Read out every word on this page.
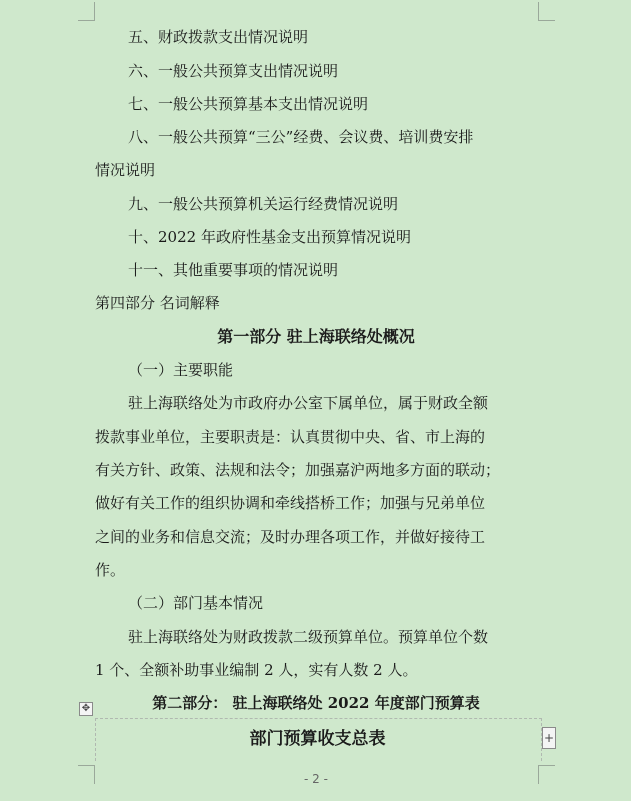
五、财政拨款支出情况说明
六、一般公共预算支出情况说明
七、一般公共预算基本支出情况说明
八、一般公共预算“三公”经费、会议费、培训费安排
情况说明
九、一般公共预算机关运行经费情况说明
十、2022 年政府性基金支出预算情况说明
十一、其他重要事项的情况说明
第四部分 名词解释
第一部分 驻上海联络处概况
（一）主要职能
驻上海联络处为市政府办公室下属单位，属于财政全额
拨款事业单位，主要职责是：认真贯彻中央、省、市上海的
有关方针、政策、法规和法令；加强嘉沪两地多方面的联动；
做好有关工作的组织协调和牵线搭桥工作；加强与兄弟单位
之间的业务和信息交流；及时办理各项工作，并做好接待工
作。
（二）部门基本情况
驻上海联络处为财政拨款二级预算单位。预算单位个数
1 个、全额补助事业编制 2 人，实有人数 2 人。
第二部分： 驻上海联络处 2022 年度部门预算表
✥
部门预算收支总表	+
- 2 -
